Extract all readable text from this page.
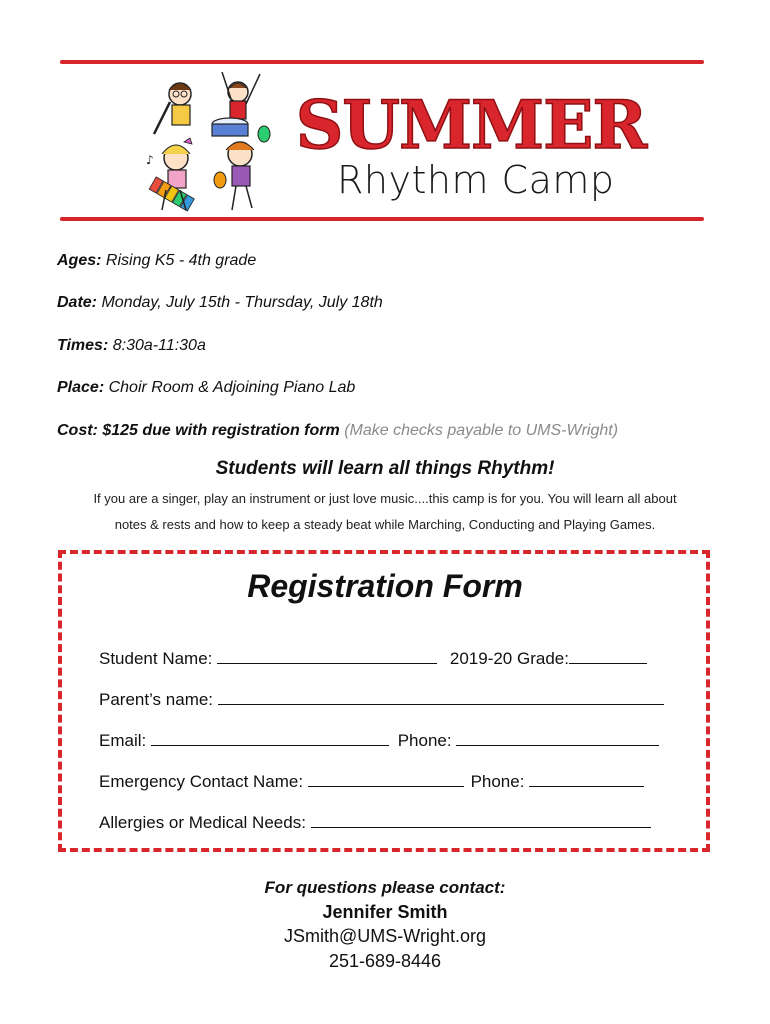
♪ SUMMER
Rhythm Camp
Ages: Rising K5 - 4th grade
Date: Monday, July 15th - Thursday, July 18th
Times: 8:30a-11:30a
Place: Choir Room & Adjoining Piano Lab
Cost: $125 due with registration form (Make checks payable to UMS-Wright)
Students will learn all things Rhythm!
If you are a singer, play an instrument or just love music....this camp is for you. You will learn all about
notes & rests and how to keep a steady beat while Marching, Conducting and Playing Games.
Registration Form
Student Name:	2019-20 Grade:
Parent’s name:
Email:	Phone:
Emergency Contact Name:	Phone:
Allergies or Medical Needs:
For questions please contact:
Jennifer Smith
JSmith@UMS-Wright.org
251-689-8446
